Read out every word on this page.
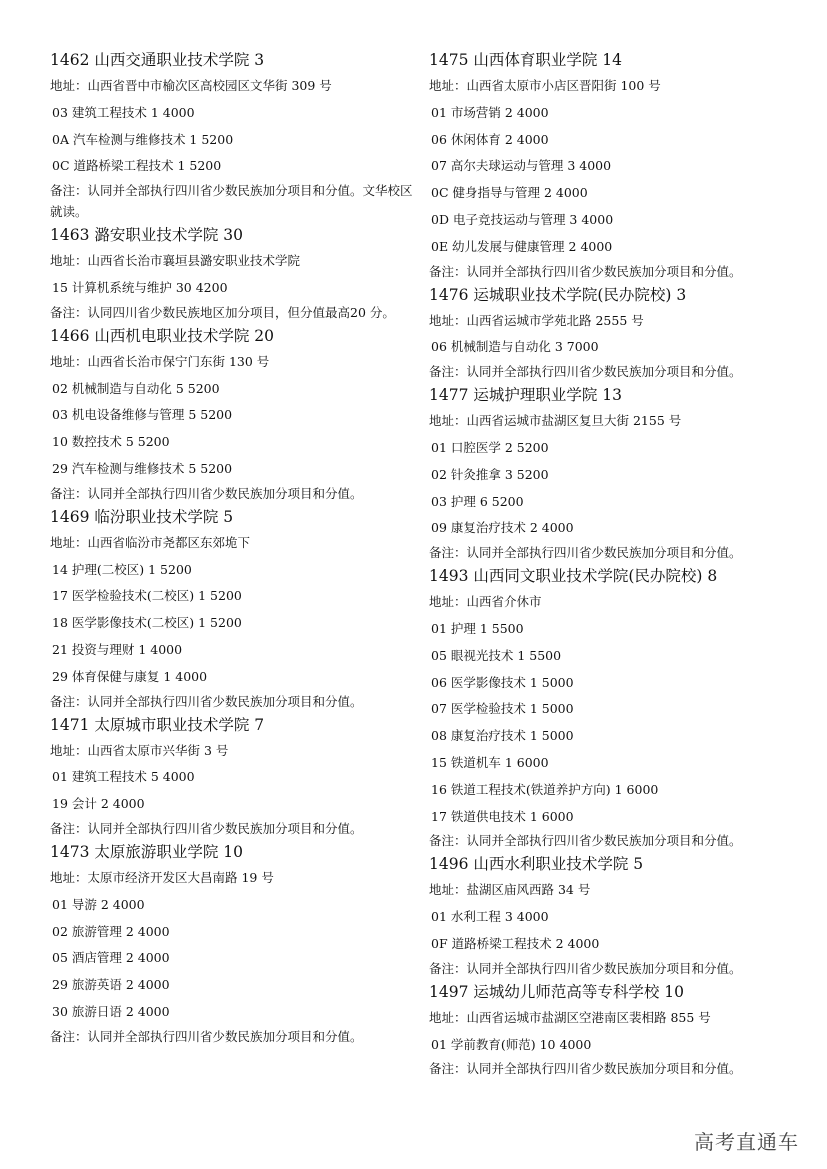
1462 山西交通职业技术学院 3
地址：山西省晋中市榆次区高校园区文华街 309 号
03 建筑工程技术 1 4000
0A 汽车检测与维修技术 1 5200
0C 道路桥梁工程技术 1 5200
备注：认同并全部执行四川省少数民族加分项目和分值。文华校区就读。
1463 潞安职业技术学院 30
地址：山西省长治市襄垣县潞安职业技术学院
15 计算机系统与维护 30 4200
备注：认同四川省少数民族地区加分项目，但分值最高20 分。
1466 山西机电职业技术学院 20
地址：山西省长治市保宁门东街 130 号
02 机械制造与自动化 5 5200
03 机电设备维修与管理 5 5200
10 数控技术 5 5200
29 汽车检测与维修技术 5 5200
备注：认同并全部执行四川省少数民族加分项目和分值。
1469 临汾职业技术学院 5
地址：山西省临汾市尧都区东郊垝下
14 护理(二校区) 1 5200
17 医学检验技术(二校区) 1 5200
18 医学影像技术(二校区) 1 5200
21 投资与理财 1 4000
29 体育保健与康复 1 4000
备注：认同并全部执行四川省少数民族加分项目和分值。
1471 太原城市职业技术学院 7
地址：山西省太原市兴华街 3 号
01 建筑工程技术 5 4000
19 会计 2 4000
备注：认同并全部执行四川省少数民族加分项目和分值。
1473 太原旅游职业学院 10
地址：太原市经济开发区大昌南路 19 号
01 导游 2 4000
02 旅游管理 2 4000
05 酒店管理 2 4000
29 旅游英语 2 4000
30 旅游日语 2 4000
备注：认同并全部执行四川省少数民族加分项目和分值。
1475 山西体育职业学院 14
地址：山西省太原市小店区晋阳街 100 号
01 市场营销 2 4000
06 休闲体育 2 4000
07 高尔夫球运动与管理 3 4000
0C 健身指导与管理 2 4000
0D 电子竞技运动与管理 3 4000
0E 幼儿发展与健康管理 2 4000
备注：认同并全部执行四川省少数民族加分项目和分值。
1476 运城职业技术学院(民办院校) 3
地址：山西省运城市学苑北路 2555 号
06 机械制造与自动化 3 7000
备注：认同并全部执行四川省少数民族加分项目和分值。
1477 运城护理职业学院 13
地址：山西省运城市盐湖区复旦大街 2155 号
01 口腔医学 2 5200
02 针灸推拿 3 5200
03 护理 6 5200
09 康复治疗技术 2 4000
备注：认同并全部执行四川省少数民族加分项目和分值。
1493 山西同文职业技术学院(民办院校) 8
地址：山西省介休市
01 护理 1 5500
05 眼视光技术 1 5500
06 医学影像技术 1 5000
07 医学检验技术 1 5000
08 康复治疗技术 1 5000
15 铁道机车 1 6000
16 铁道工程技术(铁道养护方向) 1 6000
17 铁道供电技术 1 6000
备注：认同并全部执行四川省少数民族加分项目和分值。
1496 山西水利职业技术学院 5
地址：盐湖区庙风西路 34 号
01 水利工程 3 4000
0F 道路桥梁工程技术 2 4000
备注：认同并全部执行四川省少数民族加分项目和分值。
1497 运城幼儿师范高等专科学校 10
地址：山西省运城市盐湖区空港南区裴相路 855 号
01 学前教育(师范) 10 4000
备注：认同并全部执行四川省少数民族加分项目和分值。
高考直通车
